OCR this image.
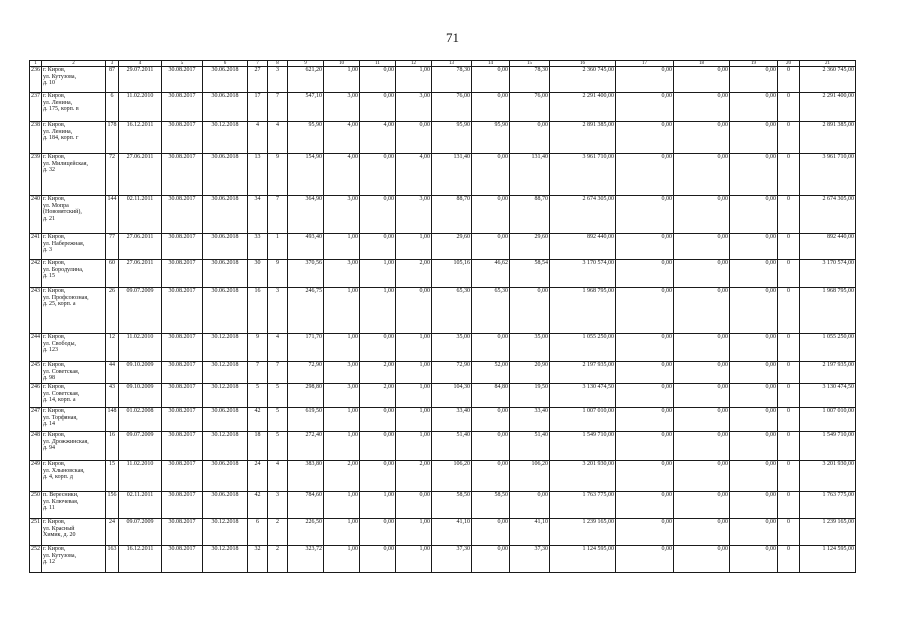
71
1	2	3	4	5	6	7	8	9	10	11	12	13	14	15	16	17	18	19	20	21
236	г. Киров,
ул. Кутузова,
д. 10	87	29.07.2011	30.08.2017	30.06.2018	27	3	621,20	1,00	0,00	1,00	78,30	0,00	78,30	2 360 745,00	0,00	0,00	0,00	0	2 360 745,00
237	г. Киров,
ул. Ленина,
д. 175, корп. в	6	11.02.2010	30.08.2017	30.06.2018	17	7	547,10	3,00	0,00	3,00	76,00	0,00	76,00	2 291 400,00	0,00	0,00	0,00	0	2 291 400,00
238	г. Киров,
ул. Ленина,
д. 184, корп. г	178	16.12.2011	30.08.2017	30.12.2018	4	4	95,90	4,00	4,00	0,00	95,90	95,90	0,00	2 891 385,00	0,00	0,00	0,00	0	2 891 385,00
239	г. Киров,
ул. Милицейская,
д. 32	72	27.06.2011	30.08.2017	30.06.2018	13	9	154,90	4,00	0,00	4,00	131,40	0,00	131,40	3 961 710,00	0,00	0,00	0,00	0	3 961 710,00
240	г. Киров,
ул. Мопра
(Нововятский),
д. 21	144	02.11.2011	30.08.2017	30.06.2018	34	7	364,90	3,00	0,00	3,00	88,70	0,00	88,70	2 674 305,00	0,00	0,00	0,00	0	2 674 305,00
241	г. Киров,
ул. Набережная,
д. 3	77	27.06.2011	30.08.2017	30.06.2018	33	1	493,40	1,00	0,00	1,00	29,60	0,00	29,60	892 440,00	0,00	0,00	0,00	0	892 440,00
242	г. Киров,
ул. Бородулина,
д. 15	60	27.06.2011	30.08.2017	30.06.2018	30	9	370,56	3,00	1,00	2,00	105,16	46,62	58,54	3 170 574,00	0,00	0,00	0,00	0	3 170 574,00
243	г. Киров,
ул. Профсоюзная,
д. 25, корп. а	26	09.07.2009	30.08.2017	30.06.2018	16	3	246,75	1,00	1,00	0,00	65,30	65,30	0,00	1 968 795,00	0,00	0,00	0,00	0	1 968 795,00
244	г. Киров,
ул. Свободы,
д. 123	12	11.02.2010	30.08.2017	30.12.2018	9	4	171,70	1,00	0,00	1,00	35,00	0,00	35,00	1 055 250,00	0,00	0,00	0,00	0	1 055 250,00
245	г. Киров,
ул. Советская,
д. 98	44	09.10.2009	30.08.2017	30.12.2018	7	7	72,90	3,00	2,00	1,00	72,90	52,00	20,90	2 197 935,00	0,00	0,00	0,00	0	2 197 935,00
246	г. Киров,
ул. Советская,
д. 14, корп. а	43	09.10.2009	30.08.2017	30.12.2018	5	5	298,80	3,00	2,00	1,00	104,30	84,80	19,50	3 130 474,50	0,00	0,00	0,00	0	3 130 474,50
247	г. Киров,
ул. Торфяная,
д. 14	148	01.02.2008	30.08.2017	30.06.2018	42	5	619,50	1,00	0,00	1,00	33,40	0,00	33,40	1 007 010,00	0,00	0,00	0,00	0	1 007 010,00
248	г. Киров,
ул. Дрожжинская,
д. 94	16	09.07.2009	30.08.2017	30.12.2018	18	5	272,40	1,00	0,00	1,00	51,40	0,00	51,40	1 549 710,00	0,00	0,00	0,00	0	1 549 710,00
249	г. Киров,
ул. Хлыновская,
д. 4, корп. д	15	11.02.2010	30.08.2017	30.06.2018	24	4	383,80	2,00	0,00	2,00	106,20	0,00	106,20	3 201 930,00	0,00	0,00	0,00	0	3 201 930,00
250	п. Вересники,
ул. Ключевая,
д. 11	156	02.11.2011	30.08.2017	30.06.2018	42	3	784,60	1,00	1,00	0,00	58,50	58,50	0,00	1 763 775,00	0,00	0,00	0,00	0	1 763 775,00
251	г. Киров,
ул. Красный
Химик, д. 20	24	09.07.2009	30.08.2017	30.12.2018	6	2	226,50	1,00	0,00	1,00	41,10	0,00	41,10	1 239 165,00	0,00	0,00	0,00	0	1 239 165,00
252	г. Киров,
ул. Кутузова,
д. 12	163	16.12.2011	30.08.2017	30.12.2018	32	2	323,72	1,00	0,00	1,00	37,30	0,00	37,30	1 124 595,00	0,00	0,00	0,00	0	1 124 595,00
